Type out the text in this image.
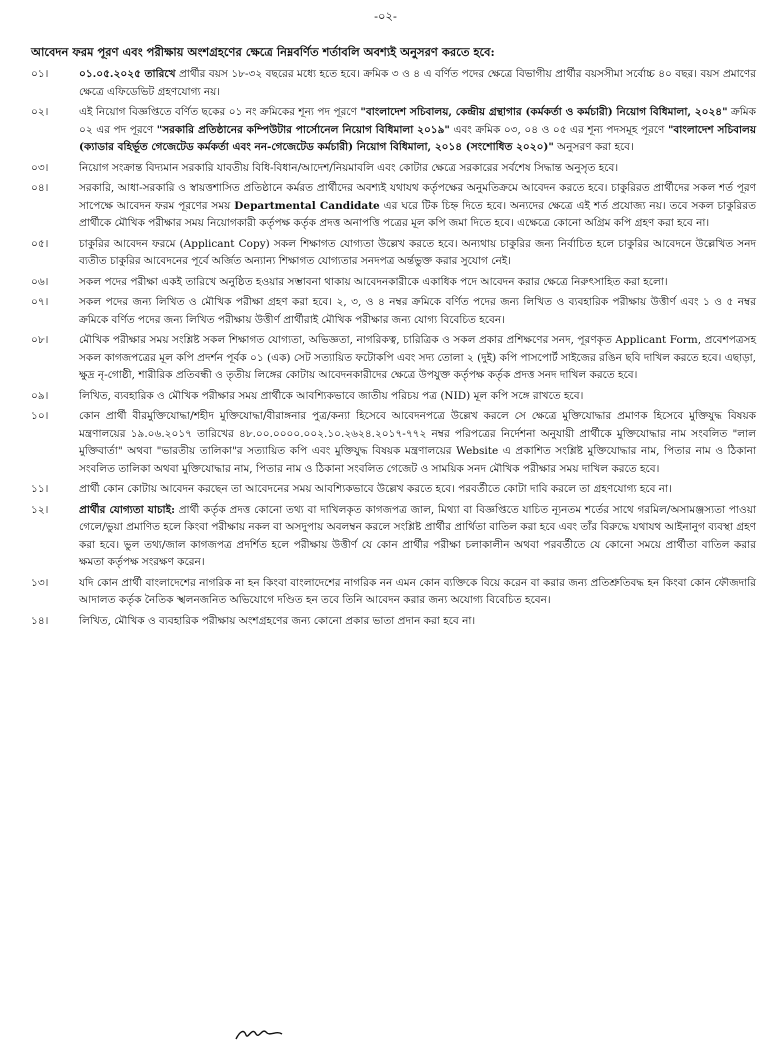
-০২-
আবেদন ফরম পূরণ এবং পরীক্ষায় অংশগ্রহণের ক্ষেত্রে নিম্নবর্ণিত শর্তাবলি অবশ্যই অনুসরণ করতে হবে:
০১।	০১.০৫.২০২৫ তারিখে প্রার্থীর বয়স ১৮-৩২ বছরের মধ্যে হতে হবে। ক্রমিক ৩ ও ৪ এ বর্ণিত পদের ক্ষেত্রে বিভাগীয় প্রার্থীর বয়সসীমা সর্বোচ্চ ৪০ বছর। বয়স প্রমাণের ক্ষেত্রে এফিডেভিট গ্রহণযোগ্য নয়।
০২।	এই নিয়োগ বিজ্ঞপ্তিতে বর্ণিত ছকের ০১ নং ক্রমিকের শূন্য পদ পূরণে "বাংলাদেশ সচিবালয়, কেন্দ্রীয় গ্রন্থাগার (কর্মকর্তা ও কর্মচারী) নিয়োগ বিধিমালা, ২০২৪" ক্রমিক ০২ এর পদ পূরণে "সরকারি প্রতিষ্ঠানের কম্পিউটার পার্সোনেল নিয়োগ বিধিমালা ২০১৯" এবং ক্রমিক ০৩, ০৪ ও ০৫ এর শূন্য পদসমূহ পূরণে "বাংলাদেশ সচিবালয় (ক্যাডার বহির্ভূত গেজেটেড কর্মকর্তা এবং নন-গেজেটেড কর্মচারী) নিয়োগ বিধিমালা, ২০১৪ (সংশোধিত ২০২০)" অনুসরণ করা হবে।
০৩।	নিয়োগ সংক্রান্ত বিদ্যমান সরকারি যাবতীয় বিধি-বিধান/আদেশ/নিয়মাবলি এবং কোটার ক্ষেত্রে সরকারের সর্বশেষ সিদ্ধান্ত অনুসৃত হবে।
০৪।	সরকারি, আধা-সরকারি ও স্বায়ত্তশাসিত প্রতিষ্ঠানে কর্মরত প্রার্থীদের অবশ্যই যথাযথ কর্তৃপক্ষের অনুমতিক্রমে আবেদন করতে হবে। চাকুরিরত প্রার্থীদের সকল শর্ত পূরণ সাপেক্ষে আবেদন ফরম পূরণের সময় Departmental Candidate এর ঘরে টিক চিহ্ন দিতে হবে। অন্যদের ক্ষেত্রে এই শর্ত প্রযোজ্য নয়। তবে সকল চাকুরিরত প্রার্থীকে মৌখিক পরীক্ষার সময় নিয়োগকারী কর্তৃপক্ষ কর্তৃক প্রদত্ত অনাপত্তি পত্রের মূল কপি জমা দিতে হবে। এক্ষেত্রে কোনো অগ্রিম কপি গ্রহণ করা হবে না।
০৫।	চাকুরির আবেদন ফরমে (Applicant Copy) সকল শিক্ষাগত যোগ্যতা উল্লেখ করতে হবে। অন্যথায় চাকুরির জন্য নির্বাচিত হলে চাকুরির আবেদনে উল্লেখিত সনদ ব্যতীত চাকুরির আবেদনের পূর্বে অর্জিত অন্যান্য শিক্ষাগত যোগ্যতার সনদপত্র অর্ন্তভুক্ত করার সুযোগ নেই।
০৬।	সকল পদের পরীক্ষা একই তারিখে অনুষ্ঠিত হওয়ার সম্ভাবনা থাকায় আবেদনকারীকে একাধিক পদে আবেদন করার ক্ষেত্রে নিরুৎসাহিত করা হলো।
০৭।	সকল পদের জন্য লিখিত ও মৌখিক পরীক্ষা গ্রহণ করা হবে। ২, ৩, ও ৪ নম্বর ক্রমিকে বর্ণিত পদের জন্য লিখিত ও ব্যবহারিক পরীক্ষায় উত্তীর্ণ এবং ১ ও ৫ নম্বর ক্রমিকে বর্ণিত পদের জন্য লিখিত পরীক্ষায় উত্তীর্ণ প্রার্থীরাই মৌখিক পরীক্ষার জন্য যোগ্য বিবেচিত হবেন।
০৮।	মৌখিক পরীক্ষার সময় সংশ্লিষ্ট সকল শিক্ষাগত যোগ্যতা, অভিজ্ঞতা, নাগরিকত্ব, চারিত্রিক ও সকল প্রকার প্রশিক্ষণের সনদ, পূরণকৃত Applicant Form, প্রবেশপত্রসহ সকল কাগজপত্রের মূল কপি প্রদর্শন পূর্বক ০১ (এক) সেট সত্যায়িত ফটোকপি এবং সদ্য তোলা ২ (দুই) কপি পাসপোর্ট সাইজের রঙিন ছবি দাখিল করতে হবে। এছাড়া, ক্ষুদ্র নৃ-গোষ্ঠী, শারীরিক প্রতিবন্ধী ও তৃতীয় লিঙ্গের কোটায় আবেদনকারীদের ক্ষেত্রে উপযুক্ত কর্তৃপক্ষ কর্তৃক প্রদত্ত সনদ দাখিল করতে হবে।
০৯।	লিখিত, ব্যবহারিক ও মৌখিক পরীক্ষার সময় প্রার্থীকে আবশ্যিকভাবে জাতীয় পরিচয় পত্র (NID) মূল কপি সঙ্গে রাখতে হবে।
১০।	কোন প্রার্থী বীরমুক্তিযোদ্ধা/শহীদ মুক্তিযোদ্ধা/বীরাঙ্গনার পুত্র/কন্যা হিসেবে আবেদনপত্রে উল্লেখ করলে সে ক্ষেত্রে মুক্তিযোদ্ধার প্রমাণক হিসেবে মুক্তিযুদ্ধ বিষয়ক মন্ত্রণালয়ের ১৯.০৬.২০১৭ তারিখের ৪৮.০০.০০০০.০০২.১০.২৬২৪.২০১৭-৭৭২ নম্বর পরিপত্রের নির্দেশনা অনুযায়ী প্রার্থীকে মুক্তিযোদ্ধার নাম সংবলিত "লাল মুক্তিবার্তা" অথবা "ভারতীয় তালিকা"র সত্যায়িত কপি এবং মুক্তিযুদ্ধ বিষয়ক মন্ত্রণালয়ের Website এ প্রকাশিত সংশ্লিষ্ট মুক্তিযোদ্ধার নাম, পিতার নাম ও ঠিকানা সংবলিত তালিকা অথবা মুক্তিযোদ্ধার নাম, পিতার নাম ও ঠিকানা সংবলিত গেজেট ও সাময়িক সনদ মৌখিক পরীক্ষার সময় দাখিল করতে হবে।
১১।	প্রার্থী কোন কোটায় আবেদন করছেন তা আবেদনের সময় আবশ্যিকভাবে উল্লেখ করতে হবে। পরবর্তীতে কোটা দাবি করলে তা গ্রহণযোগ্য হবে না।
১২।	প্রার্থীর যোগ্যতা যাচাই: প্রার্থী কর্তৃক প্রদত্ত কোনো তথ্য বা দাখিলকৃত কাগজপত্র জাল, মিথ্যা বা বিজ্ঞপ্তিতে যাচিত ন্যূনতম শর্তের সাথে গরমিল/অসামঞ্জস্যতা পাওয়া গেলে/ভুয়া প্রমাণিত হলে কিংবা পরীক্ষায় নকল বা অসদুপায় অবলম্বন করলে সংশ্লিষ্ট প্রার্থীর প্রার্থিতা বাতিল করা হবে এবং তাঁর বিরুদ্ধে যথাযথ আইনানুগ ব্যবস্থা গ্রহণ করা হবে। ভুল তথ্য/জাল কাগজপত্র প্রদর্শিত হলে পরীক্ষায় উত্তীর্ণ যে কোন প্রার্থীর পরীক্ষা চলাকালীন অথবা পরবর্তীতে যে কোনো সময়ে প্রার্থীতা বাতিল করার ক্ষমতা কর্তৃপক্ষ সংরক্ষণ করেন।
১৩।	যদি কোন প্রার্থী বাংলাদেশের নাগরিক না হন কিংবা বাংলাদেশের নাগরিক নন এমন কোন ব্যক্তিকে বিয়ে করেন বা করার জন্য প্রতিশ্রুতিবদ্ধ হন কিংবা কোন ফৌজদারি আদালত কর্তৃক নৈতিক স্খলনজনিত অভিযোগে দণ্ডিত হন তবে তিনি আবেদন করার জন্য অযোগ্য বিবেচিত হবেন।
১৪।	লিখিত, মৌখিক ও ব্যবহারিক পরীক্ষায় অংশগ্রহণের জন্য কোনো প্রকার ভাতা প্রদান করা হবে না।
